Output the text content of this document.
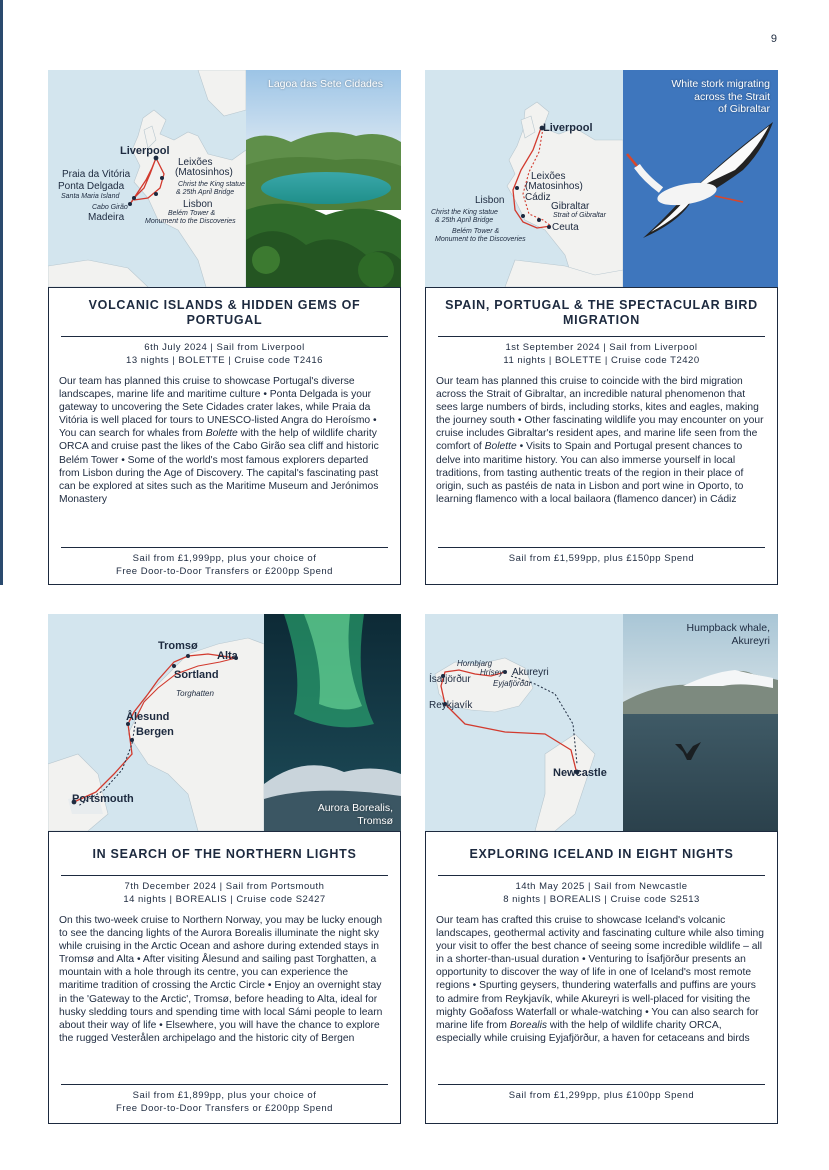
9
Liverpool
Leixões
(Matosinhos)
Praia da Vitória
Ponta Delgada
Santa Maria Island
Christ the King statue
& 25th April Bridge
Lisbon
Cabo Girão
Madeira	Belém Tower &
Monument to the Discoveries
Lagoa das Sete Cidades
VOLCANIC ISLANDS & HIDDEN GEMS OF PORTUGAL
6th July 2024 | Sail from Liverpool
13 nights | BOLETTE | Cruise code T2416
Our team has planned this cruise to showcase Portugal's diverse landscapes, marine life and maritime culture • Ponta Delgada is your gateway to uncovering the Sete Cidades crater lakes, while Praia da Vitória is well placed for tours to UNESCO-listed Angra do Heroísmo • You can search for whales from Bolette with the help of wildlife charity ORCA and cruise past the likes of the Cabo Girão sea cliff and historic Belém Tower • Some of the world's most famous explorers departed from Lisbon during the Age of Discovery. The capital's fascinating past can be explored at sites such as the Maritime Museum and Jerónimos Monastery
Sail from £1,999pp, plus your choice of
Free Door-to-Door Transfers or £200pp Spend
Liverpool
Leixões
(Matosinhos)
Cádiz
Lisbon
Gibraltar
Christ the King statue
& 25th April Bridge
Strait of Gibraltar
Ceuta
Belém Tower &
Monument to the Discoveries
White stork migrating
across the Strait
of Gibraltar
SPAIN, PORTUGAL & THE SPECTACULAR BIRD MIGRATION
1st September 2024 | Sail from Liverpool
11 nights | BOLETTE | Cruise code T2420
Our team has planned this cruise to coincide with the bird migration across the Strait of Gibraltar, an incredible natural phenomenon that sees large numbers of birds, including storks, kites and eagles, making the journey south • Other fascinating wildlife you may encounter on your cruise includes Gibraltar's resident apes, and marine life seen from the comfort of Bolette • Visits to Spain and Portugal present chances to delve into maritime history. You can also immerse yourself in local traditions, from tasting authentic treats of the region in their place of origin, such as pastéis de nata in Lisbon and port wine in Oporto, to learning flamenco with a local bailaora (flamenco dancer) in Cádiz
Sail from £1,599pp, plus £150pp Spend
Tromsø
Alta
Sortland
Torghatten
Ålesund
Bergen
Portsmouth
Aurora Borealis,
Tromsø
IN SEARCH OF THE NORTHERN LIGHTS
7th December 2024 | Sail from Portsmouth
14 nights | BOREALIS | Cruise code S2427
On this two-week cruise to Northern Norway, you may be lucky enough to see the dancing lights of the Aurora Borealis illuminate the night sky while cruising in the Arctic Ocean and ashore during extended stays in Tromsø and Alta • After visiting Ålesund and sailing past Torghatten, a mountain with a hole through its centre, you can experience the maritime tradition of crossing the Arctic Circle • Enjoy an overnight stay in the 'Gateway to the Arctic', Tromsø, before heading to Alta, ideal for husky sledding tours and spending time with local Sámi people to learn about their way of life • Elsewhere, you will have the chance to explore the rugged Vesterålen archipelago and the historic city of Bergen
Sail from £1,899pp, plus your choice of
Free Door-to-Door Transfers or £200pp Spend
Hornbjarg
Ísafjörður
Hrísey Akureyri
Eyjafjörður
Reykjavík
Newcastle
Humpback whale,
Akureyri
EXPLORING ICELAND IN EIGHT NIGHTS
14th May 2025 | Sail from Newcastle
8 nights | BOREALIS | Cruise code S2513
Our team has crafted this cruise to showcase Iceland's volcanic landscapes, geothermal activity and fascinating culture while also timing your visit to offer the best chance of seeing some incredible wildlife – all in a shorter-than-usual duration • Venturing to Ísafjörður presents an opportunity to discover the way of life in one of Iceland's most remote regions • Spurting geysers, thundering waterfalls and puffins are yours to admire from Reykjavík, while Akureyri is well-placed for visiting the mighty Goðafoss Waterfall or whale-watching • You can also search for marine life from Borealis with the help of wildlife charity ORCA, especially while cruising Eyjafjörður, a haven for cetaceans and birds
Sail from £1,299pp, plus £100pp Spend
